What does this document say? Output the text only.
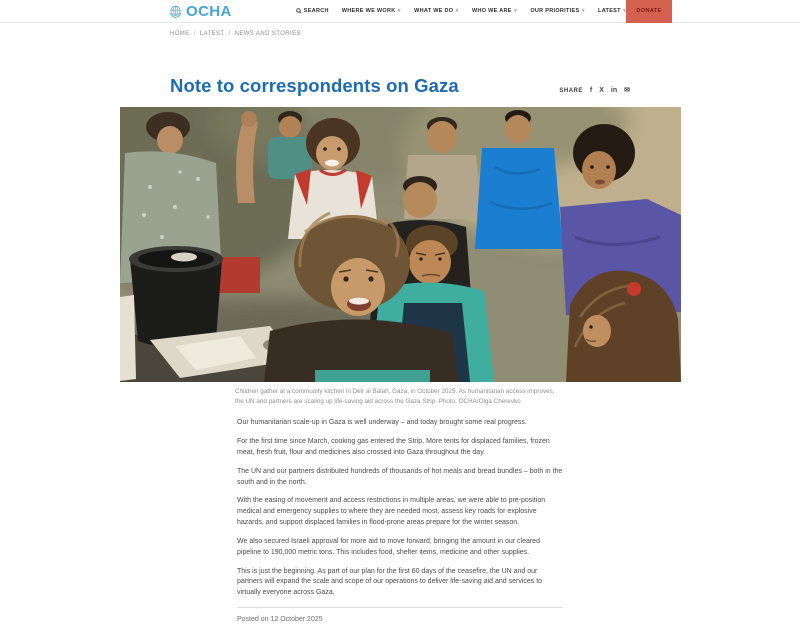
OCHA	SEARCH WHERE WE WORK ∨ WHAT WE DO ∨ WHO WE ARE ∨ OUR PRIORITIES ∨ LATEST ∨	DONATE
HOME / LATEST / NEWS AND STORIES
Note to correspondents on Gaza	SHARE f X in ✉

Children gather at a community kitchen in Deir al Balah, Gaza, in October 2025. As humanitarian access improves, the UN and partners are scaling up life-saving aid across the Gaza Strip. Photo: OCHA/Olga Cherevko

Our humanitarian scale-up in Gaza is well underway – and today brought some real progress.

For the first time since March, cooking gas entered the Strip. More tents for displaced families, frozen meat, fresh fruit, flour and medicines also crossed into Gaza throughout the day.

The UN and our partners distributed hundreds of thousands of hot meals and bread bundles – both in the south and in the north.

With the easing of movement and access restrictions in multiple areas, we were able to pre-position medical and emergency supplies to where they are needed most, assess key roads for explosive hazards, and support displaced families in flood-prone areas prepare for the winter season.

We also secured Israeli approval for more aid to move forward, bringing the amount in our cleared pipeline to 190,000 metric tons. This includes food, shelter items, medicine and other supplies.

This is just the beginning. As part of our plan for the first 60 days of the ceasefire, the UN and our partners will expand the scale and scope of our operations to deliver life-saving aid and services to virtually everyone across Gaza.

Posted on 12 October 2025
